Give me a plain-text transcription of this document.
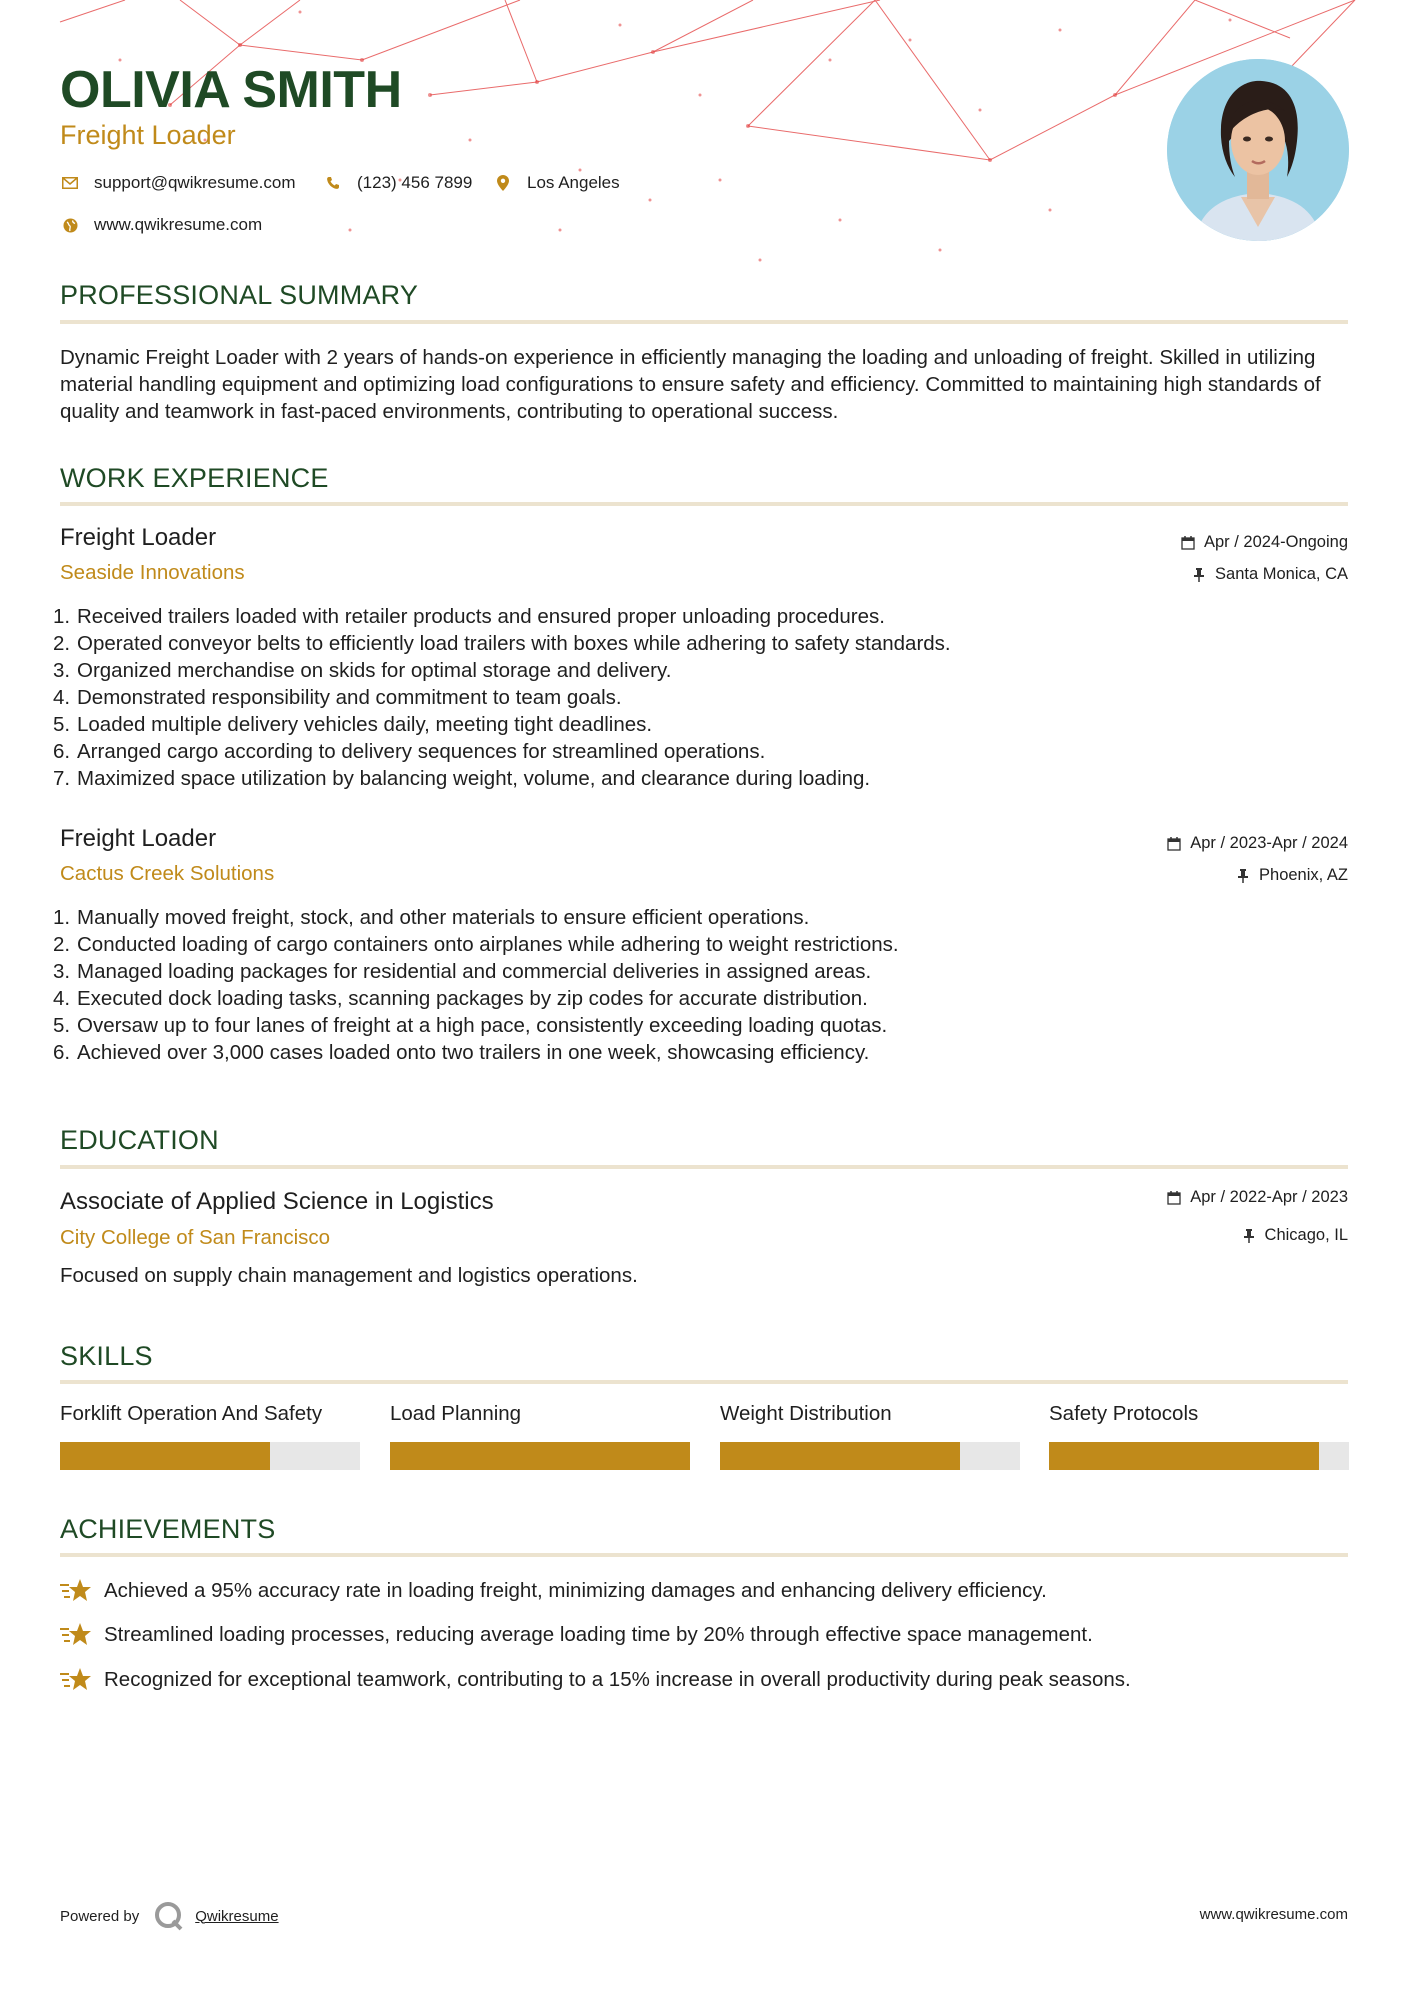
OLIVIA SMITH
Freight Loader
support@qwikresume.com	(123) 456 7899	Los Angeles
www.qwikresume.com
PROFESSIONAL SUMMARY

Dynamic Freight Loader with 2 years of hands-on experience in efficiently managing the loading and unloading of freight. Skilled in utilizing material handling equipment and optimizing load configurations to ensure safety and efficiency. Committed to maintaining high standards of quality and teamwork in fast-paced environments, contributing to operational success.

WORK EXPERIENCE
Freight Loader
Seaside Innovations
Apr / 2024-Ongoing
Santa Monica, CA
1. Received trailers loaded with retailer products and ensured proper unloading procedures.
2. Operated conveyor belts to efficiently load trailers with boxes while adhering to safety standards.
3. Organized merchandise on skids for optimal storage and delivery.
4. Demonstrated responsibility and commitment to team goals.
5. Loaded multiple delivery vehicles daily, meeting tight deadlines.
6. Arranged cargo according to delivery sequences for streamlined operations.
7. Maximized space utilization by balancing weight, volume, and clearance during loading.
Freight Loader
Cactus Creek Solutions
Apr / 2023-Apr / 2024
Phoenix, AZ
1. Manually moved freight, stock, and other materials to ensure efficient operations.
2. Conducted loading of cargo containers onto airplanes while adhering to weight restrictions.
3. Managed loading packages for residential and commercial deliveries in assigned areas.
4. Executed dock loading tasks, scanning packages by zip codes for accurate distribution.
5. Oversaw up to four lanes of freight at a high pace, consistently exceeding loading quotas.
6. Achieved over 3,000 cases loaded onto two trailers in one week, showcasing efficiency.
EDUCATION
Associate of Applied Science in Logistics
City College of San Francisco
Apr / 2022-Apr / 2023
Chicago, IL

Focused on supply chain management and logistics operations.

SKILLS
Forklift Operation And Safety	Load Planning	Weight Distribution	Safety Protocols
ACHIEVEMENTS
Achieved a 95% accuracy rate in loading freight, minimizing damages and enhancing delivery efficiency.
Streamlined loading processes, reducing average loading time by 20% through effective space management.
Recognized for exceptional teamwork, contributing to a 15% increase in overall productivity during peak seasons.
Powered by	Qwikresume	www.qwikresume.com
